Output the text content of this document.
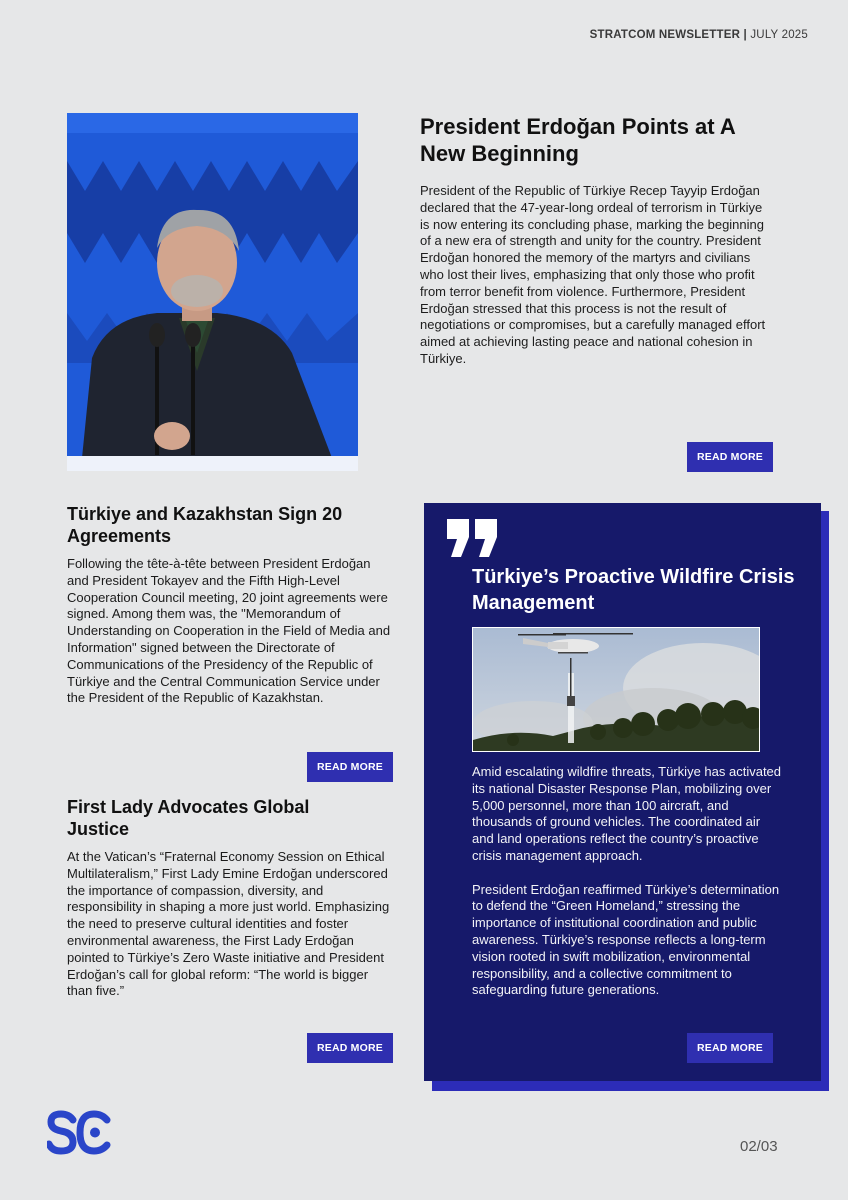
STRATCOM NEWSLETTER | JULY 2025
President Erdoğan Points at A New Beginning
President of the Republic of Türkiye Recep Tayyip Erdoğan declared that the 47-year-long ordeal of terrorism in Türkiye is now entering its concluding phase, marking the beginning of a new era of strength and unity for the country. President Erdoğan honored the memory of the martyrs and civilians who lost their lives, emphasizing that only those who profit from terror benefit from violence. Furthermore, President Erdoğan stressed that this process is not the result of negotiations or compromises, but a carefully managed effort aimed at achieving lasting peace and national cohesion in Türkiye.
READ MORE
Türkiye and Kazakhstan Sign 20 Agreements
Following the tête-à-tête between President Erdoğan and President Tokayev and the Fifth High-Level Cooperation Council meeting, 20 joint agreements were signed. Among them was, the "Memorandum of Understanding on Cooperation in the Field of Media and Information" signed between the Directorate of Communications of the Presidency of the Republic of Türkiye and the Central Communication Service under the President of the Republic of Kazakhstan.
READ MORE
First Lady Advocates Global Justice
At the Vatican’s “Fraternal Economy Session on Ethical Multilateralism,” First Lady Emine Erdoğan underscored the importance of compassion, diversity, and responsibility in shaping a more just world. Emphasizing the need to preserve cultural identities and foster environmental awareness, the First Lady Erdoğan pointed to Türkiye’s Zero Waste initiative and President Erdoğan’s call for global reform: “The world is bigger than five.”
READ MORE
Türkiye’s Proactive Wildfire Crisis Management

Amid escalating wildfire threats, Türkiye has activated its national Disaster Response Plan, mobilizing over 5,000 personnel, more than 100 aircraft, and thousands of ground vehicles. The coordinated air and land operations reflect the country’s proactive crisis management approach.

President Erdoğan reaffirmed Türkiye’s determination to defend the “Green Homeland,” stressing the importance of institutional coordination and public awareness. Türkiye’s response reflects a long-term vision rooted in swift mobilization, environmental responsibility, and a collective commitment to safeguarding future generations.

READ MORE
02/03
